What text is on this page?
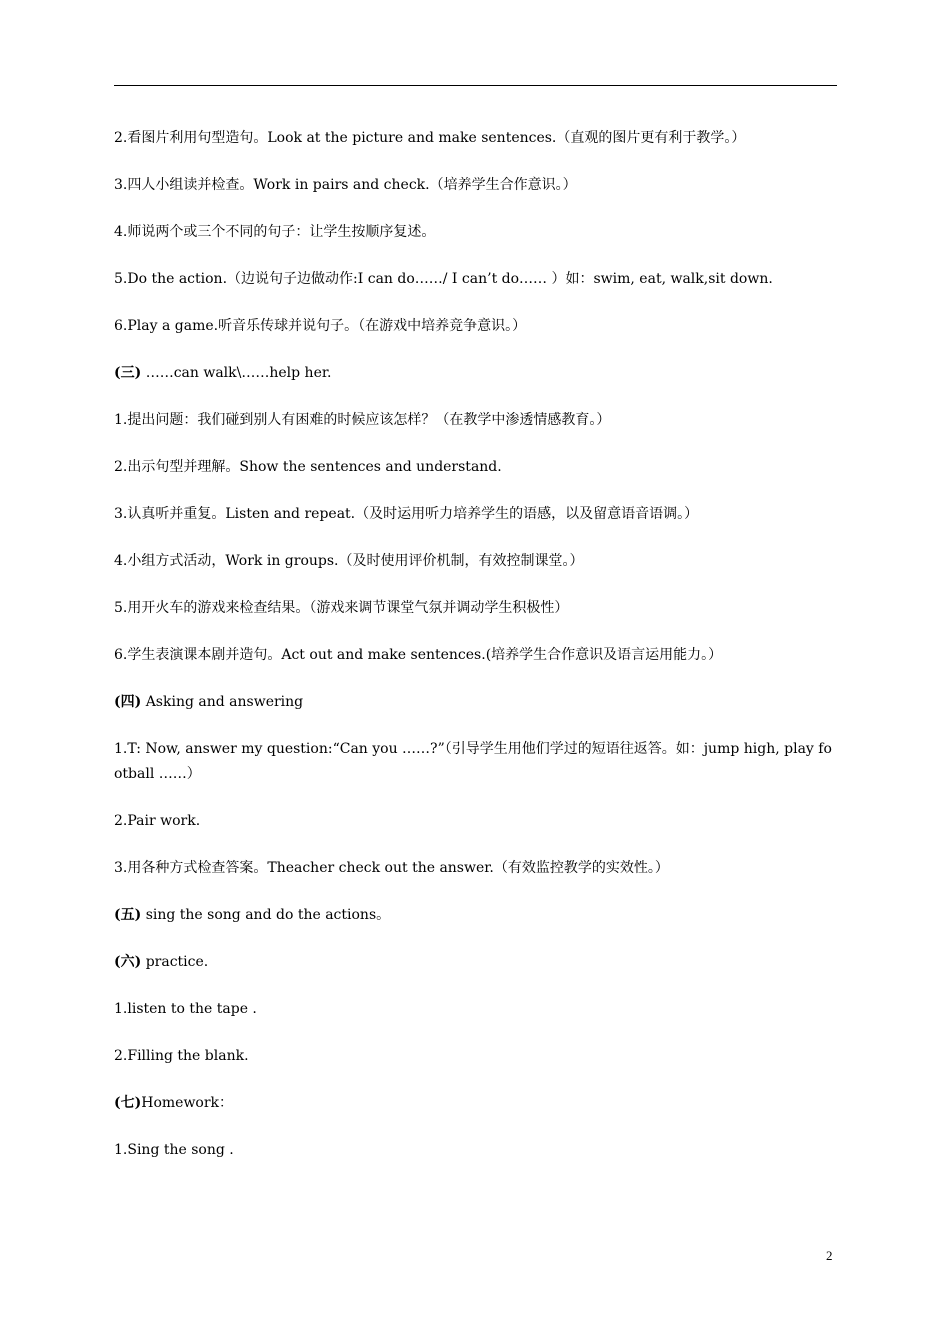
2.看图片利用句型造句。Look at the picture and make sentences.（直观的图片更有利于教学。）

3.四人小组读并检查。Work in pairs and check.（培养学生合作意识。）

4.师说两个或三个不同的句子：让学生按顺序复述。

5.Do the action.（边说句子边做动作:I can do……/ I can’t do…… ）如：swim, eat, walk,sit down.

6.Play a game.听音乐传球并说句子。（在游戏中培养竞争意识。）

(三) ……can walk\……help her.

1.提出问题：我们碰到别人有困难的时候应该怎样？（在教学中渗透情感教育。）

2.出示句型并理解。Show the sentences and understand.

3.认真听并重复。Listen and repeat.（及时运用听力培养学生的语感，以及留意语音语调。）

4.小组方式活动，Work in groups.（及时使用评价机制，有效控制课堂。）

5.用开火车的游戏来检查结果。（游戏来调节课堂气氛并调动学生积极性）

6.学生表演课本剧并造句。Act out and make sentences.(培养学生合作意识及语言运用能力。）

(四) Asking and answering

1.T: Now, answer my question:“Can you ……?”（引导学生用他们学过的短语往返答。如：jump high, play football ……）

2.Pair work.

3.用各种方式检查答案。Theacher check out the answer.（有效监控教学的实效性。）

(五) sing the song and do the actions。

(六) practice.

1.listen to the tape .

2.Filling the blank.

(七)Homework：

1.Sing the song .

2
